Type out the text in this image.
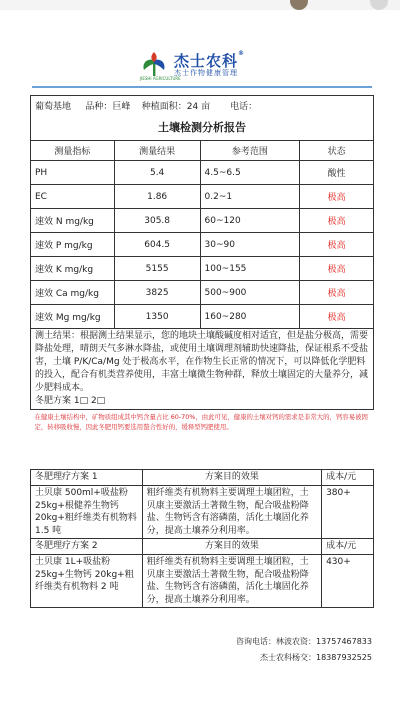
杰士农科®
杰士作物健康管理
JIESHI AGRICULTURE
葡萄基地 品种：巨峰 种植面积：24 亩 电话：			
土壤检测分析报告			
测量指标	测量结果	参考范围	状态
PH	5.4	4.5~6.5	酸性
EC	1.86	0.2~1	极高
速效 N mg/kg	305.8	60~120	极高
速效 P mg/kg	604.5	30~90	极高
速效 K mg/kg	5155	100~155	极高
速效 Ca mg/kg	3825	500~900	极高
速效 Mg mg/kg	1350	160~280	极高

测土结果：根据测土结果显示，您的地块土壤酸碱度相对适宜，但是盐分极高，需要降盐处理，晴朗天气多淋水降盐，或使用土壤调理剂辅助快速降盐，保证根系不受盐害，土壤 P/K/Ca/Mg 处于极高水平，在作物生长正常的情况下，可以降低化学肥料的投入，配合有机类营养使用，丰富土壤微生物种群，释放土壤固定的大量养分，减少肥料成本。
冬肥方案 1□ 2□			

在健康土壤结构中，矿物质组成其中钙含量占比 60-70%，由此可见，健康的土壤对钙的需求是非常大的，钙容易被固定，转移吸收慢，因此冬肥用钙要选用螯合性好的，缓释型钙肥使用。			
冬肥理疗方案 1	方案目的效果	成本/元
土贝康 500ml+吸盐粉 25kg+根健养生物钙 20kg+粗纤维类有机物料 1.5 吨	粗纤维类有机物料主要调理土壤团粒，土贝康主要激活土著微生物，配合吸盐粉降盐、生物钙含有溶磷菌，活化土壤固化养分，提高土壤养分利用率。	380+
冬肥理疗方案 2	方案目的效果	成本/元
土贝康 1L+吸盐粉 25kg+生物钙 20kg+粗纤维类有机物料 2 吨	粗纤维类有机物料主要调理土壤团粒，土贝康主要激活土著微生物，配合吸盐粉降盐、生物钙含有溶磷菌，活化土壤固化养分，提高土壤养分利用率。	430+
咨询电话：林波农资：13757467833
杰士农科杨交：18387932525
